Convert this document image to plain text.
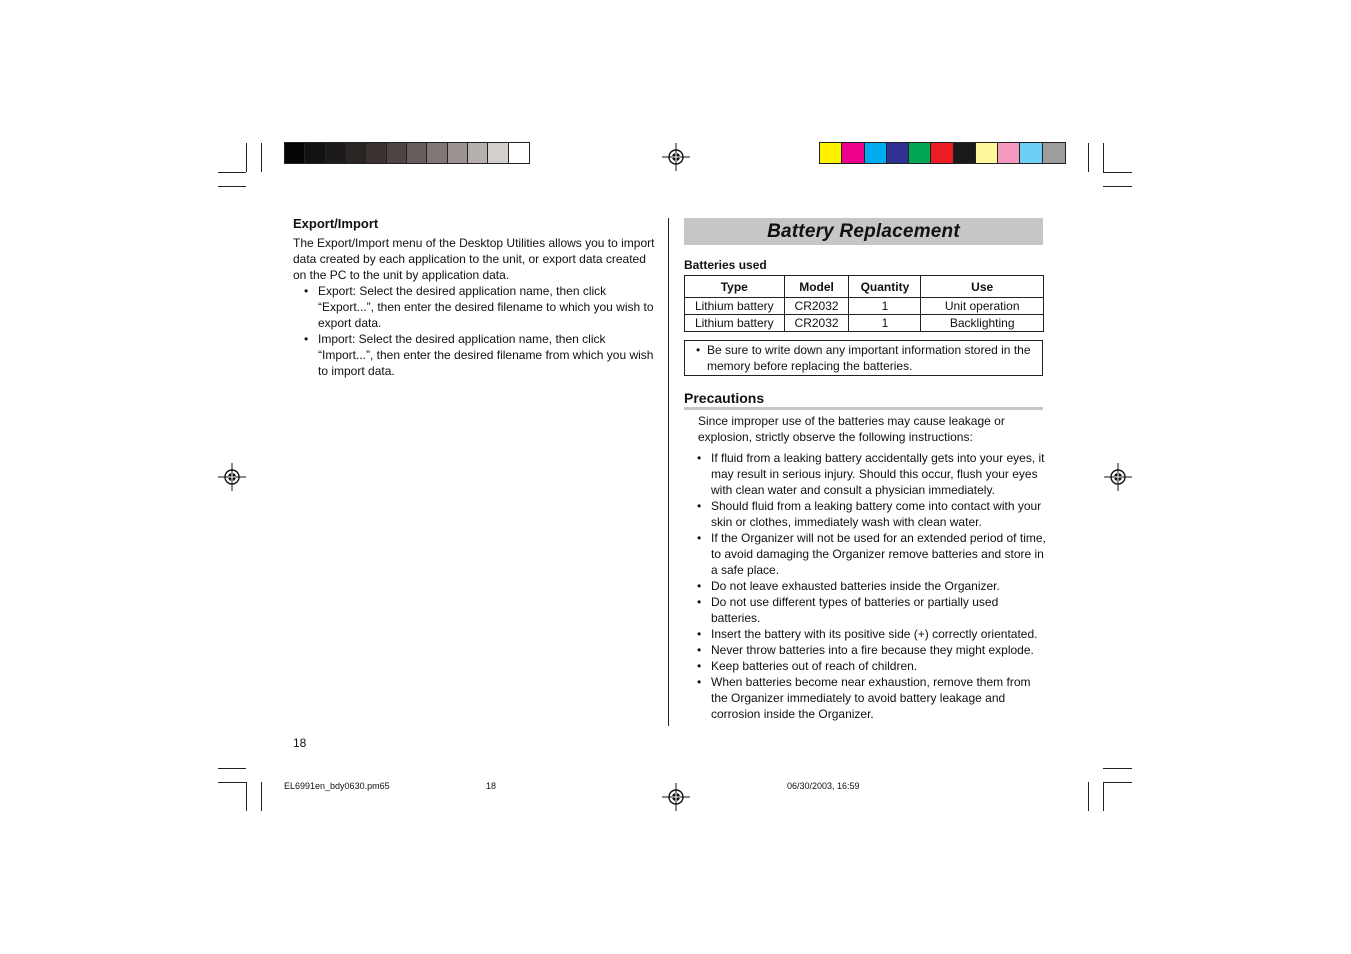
Export/Import
The Export/Import menu of the Desktop Utilities allows you to import data created by each application to the unit, or export data created on the PC to the unit by application data.
• Export: Select the desired application name, then click “Export...”, then enter the desired filename to which you wish to export data.
• Import: Select the desired application name, then click “Import...”, then enter the desired filename from which you wish to import data.
18
Battery Replacement
Batteries used
Type	Model	Quantity	Use
Lithium battery	CR2032	1	Unit operation
Lithium battery	CR2032	1	Backlighting
• Be sure to write down any important information stored in the memory before replacing the batteries.
Precautions
Since improper use of the batteries may cause leakage or explosion, strictly observe the following instructions:
• If fluid from a leaking battery accidentally gets into your eyes, it may result in serious injury. Should this occur, flush your eyes with clean water and consult a physician immediately.
• Should fluid from a leaking battery come into contact with your skin or clothes, immediately wash with clean water.
• If the Organizer will not be used for an extended period of time, to avoid damaging the Organizer remove batteries and store in a safe place.
• Do not leave exhausted batteries inside the Organizer.
• Do not use different types of batteries or partially used batteries.
• Insert the battery with its positive side (+) correctly orientated.
• Never throw batteries into a fire because they might explode.
• Keep batteries out of reach of children.
• When batteries become near exhaustion, remove them from the Organizer immediately to avoid battery leakage and corrosion inside the Organizer.
EL6991en_bdy0630.pm65	18	06/30/2003, 16:59
